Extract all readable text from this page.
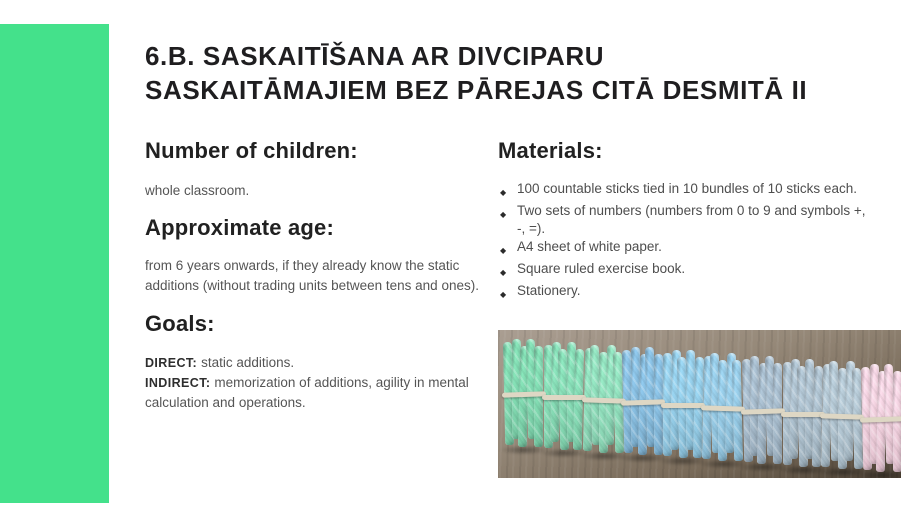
6.B. SASKAITĪŠANA AR DIVCIPARU
SASKAITĀMAJIEM BEZ PĀREJAS CITĀ DESMITĀ II
Number of children:

whole classroom.

Approximate age:

from 6 years onwards, if they already know the static additions (without trading units between tens and ones).

Goals:

DIRECT: static additions.

INDIRECT: memorization of additions, agility in mental calculation and operations.

Materials:
◆ 100 countable sticks tied in 10 bundles of 10 sticks each.
◆ Two sets of numbers (numbers from 0 to 9 and symbols +, -, =).
◆ A4 sheet of white paper.
◆ Square ruled exercise book.
◆ Stationery.
